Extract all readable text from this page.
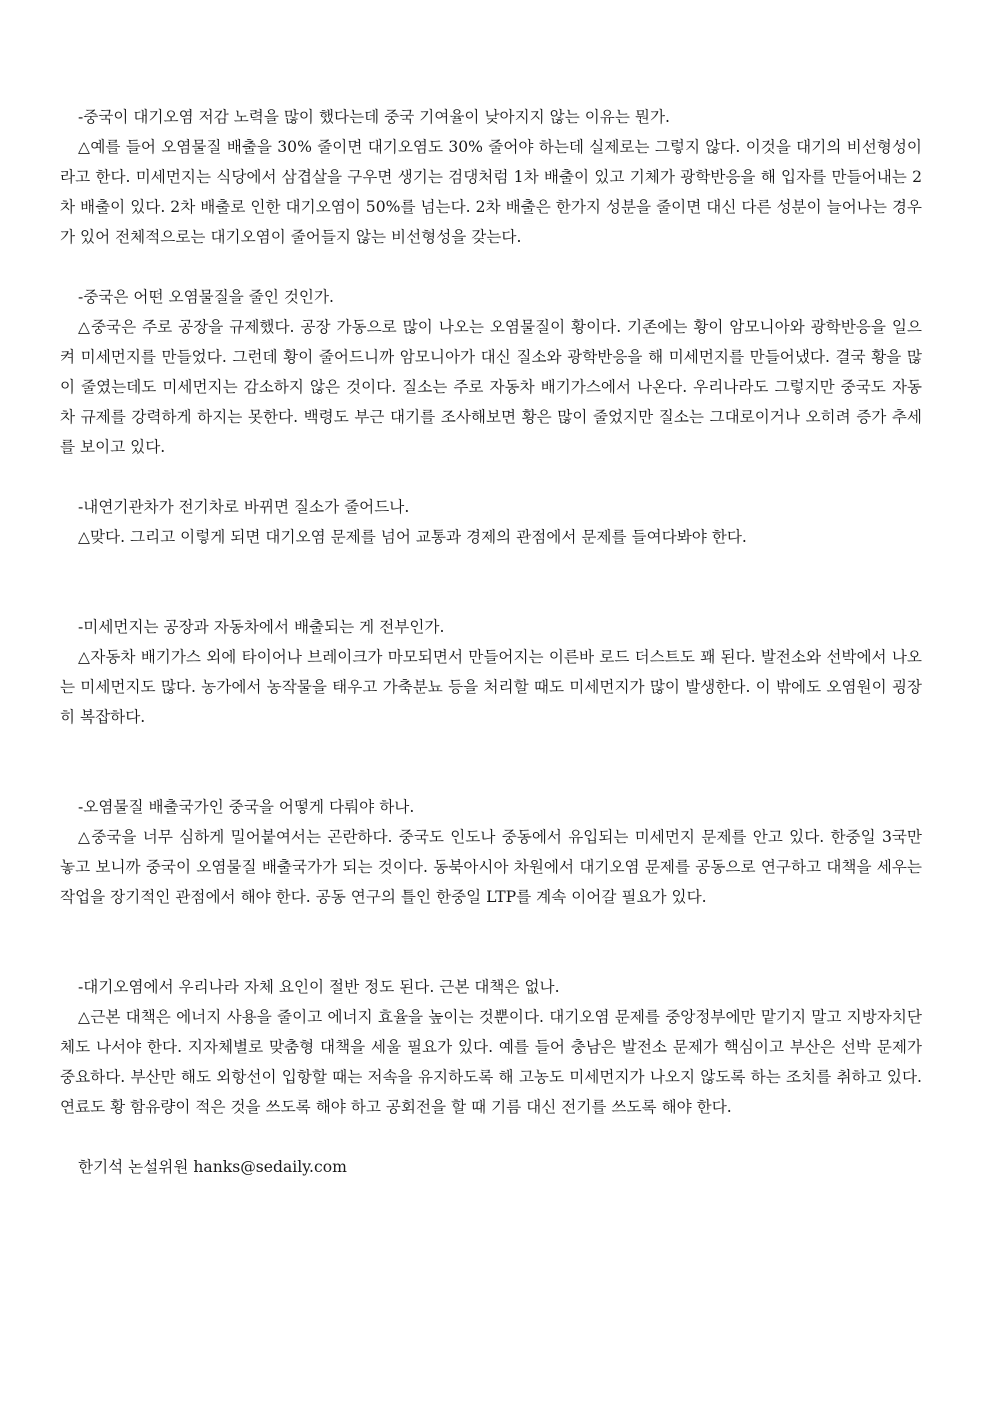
-중국이 대기오염 저감 노력을 많이 했다는데 중국 기여율이 낮아지지 않는 이유는 뭔가.

△예를 들어 오염물질 배출을 30% 줄이면 대기오염도 30% 줄어야 하는데 실제로는 그렇지 않다. 이것을 대기의 비선형성이라고 한다. 미세먼지는 식당에서 삼겹살을 구우면 생기는 검댕처럼 1차 배출이 있고 기체가 광학반응을 해 입자를 만들어내는 2차 배출이 있다. 2차 배출로 인한 대기오염이 50%를 넘는다. 2차 배출은 한가지 성분을 줄이면 대신 다른 성분이 늘어나는 경우가 있어 전체적으로는 대기오염이 줄어들지 않는 비선형성을 갖는다.

-중국은 어떤 오염물질을 줄인 것인가.

△중국은 주로 공장을 규제했다. 공장 가동으로 많이 나오는 오염물질이 황이다. 기존에는 황이 암모니아와 광학반응을 일으켜 미세먼지를 만들었다. 그런데 황이 줄어드니까 암모니아가 대신 질소와 광학반응을 해 미세먼지를 만들어냈다. 결국 황을 많이 줄였는데도 미세먼지는 감소하지 않은 것이다. 질소는 주로 자동차 배기가스에서 나온다. 우리나라도 그렇지만 중국도 자동차 규제를 강력하게 하지는 못한다. 백령도 부근 대기를 조사해보면 황은 많이 줄었지만 질소는 그대로이거나 오히려 증가 추세를 보이고 있다.

-내연기관차가 전기차로 바뀌면 질소가 줄어드나.

△맞다. 그리고 이렇게 되면 대기오염 문제를 넘어 교통과 경제의 관점에서 문제를 들여다봐야 한다.

-미세먼지는 공장과 자동차에서 배출되는 게 전부인가.

△자동차 배기가스 외에 타이어나 브레이크가 마모되면서 만들어지는 이른바 로드 더스트도 꽤 된다. 발전소와 선박에서 나오는 미세먼지도 많다. 농가에서 농작물을 태우고 가축분뇨 등을 처리할 때도 미세먼지가 많이 발생한다. 이 밖에도 오염원이 굉장히 복잡하다.

-오염물질 배출국가인 중국을 어떻게 다뤄야 하나.

△중국을 너무 심하게 밀어붙여서는 곤란하다. 중국도 인도나 중동에서 유입되는 미세먼지 문제를 안고 있다. 한중일 3국만 놓고 보니까 중국이 오염물질 배출국가가 되는 것이다. 동북아시아 차원에서 대기오염 문제를 공동으로 연구하고 대책을 세우는 작업을 장기적인 관점에서 해야 한다. 공동 연구의 틀인 한중일 LTP를 계속 이어갈 필요가 있다.

-대기오염에서 우리나라 자체 요인이 절반 정도 된다. 근본 대책은 없나.

△근본 대책은 에너지 사용을 줄이고 에너지 효율을 높이는 것뿐이다. 대기오염 문제를 중앙정부에만 맡기지 말고 지방자치단체도 나서야 한다. 지자체별로 맞춤형 대책을 세울 필요가 있다. 예를 들어 충남은 발전소 문제가 핵심이고 부산은 선박 문제가 중요하다. 부산만 해도 외항선이 입항할 때는 저속을 유지하도록 해 고농도 미세먼지가 나오지 않도록 하는 조치를 취하고 있다. 연료도 황 함유량이 적은 것을 쓰도록 해야 하고 공회전을 할 때 기름 대신 전기를 쓰도록 해야 한다.

한기석 논설위원 hanks@sedaily.com
